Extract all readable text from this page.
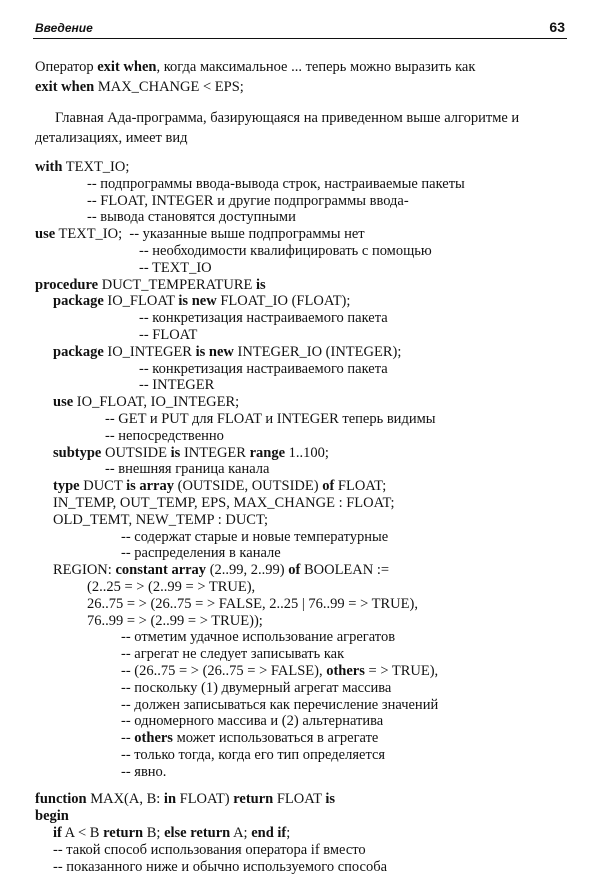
Введение	63
Оператор exit when, когда максимальное ... теперь можно выразить как
exit when MAX_CHANGE < EPS;
Главная Ада-программа, базирующаяся на приведенном выше алгоритме и
детализациях, имеет вид
with TEXT_IO;
-- подпрограммы ввода-вывода строк, настраиваемые пакеты
-- FLOAT, INTEGER и другие подпрограммы ввода-
-- вывода становятся доступными
use TEXT_IO;  -- указанные выше подпрограммы нет
-- необходимости квалифицировать с помощью
-- TEXT_IO
procedure DUCT_TEMPERATURE is
package IO_FLOAT is new FLOAT_IO (FLOAT);
-- конкретизация настраиваемого пакета
-- FLOAT
package IO_INTEGER is new INTEGER_IO (INTEGER);
-- конкретизация настраиваемого пакета
-- INTEGER
use IO_FLOAT, IO_INTEGER;
-- GET и PUT для FLOAT и INTEGER теперь видимы
-- непосредственно
subtype OUTSIDE is INTEGER range 1..100;
-- внешняя граница канала
type DUCT is array (OUTSIDE, OUTSIDE) of FLOAT;
IN_TEMP, OUT_TEMP, EPS, MAX_CHANGE : FLOAT;
OLD_TEMT, NEW_TEMP : DUCT;
-- содержат старые и новые температурные
-- распределения в канале
REGION: constant array (2..99, 2..99) of BOOLEAN :=
(2..25 = > (2..99 = > TRUE),
26..75 = > (26..75 = > FALSE, 2..25 | 76..99 = > TRUE),
76..99 = > (2..99 = > TRUE));
-- отметим удачное использование агрегатов
-- агрегат не следует записывать как
-- (26..75 = > (26..75 = > FALSE), others = > TRUE),
-- поскольку (1) двумерный агрегат массива
-- должен записываться как перечисление значений
-- одномерного массива и (2) альтернатива
-- others может использоваться в агрегате
-- только тогда, когда его тип определяется
-- явно.
function MAX(A, B: in FLOAT) return FLOAT is
begin
if A < B return B; else return A; end if;
-- такой способ использования оператора if вместо
-- показанного ниже и обычно используемого способа
